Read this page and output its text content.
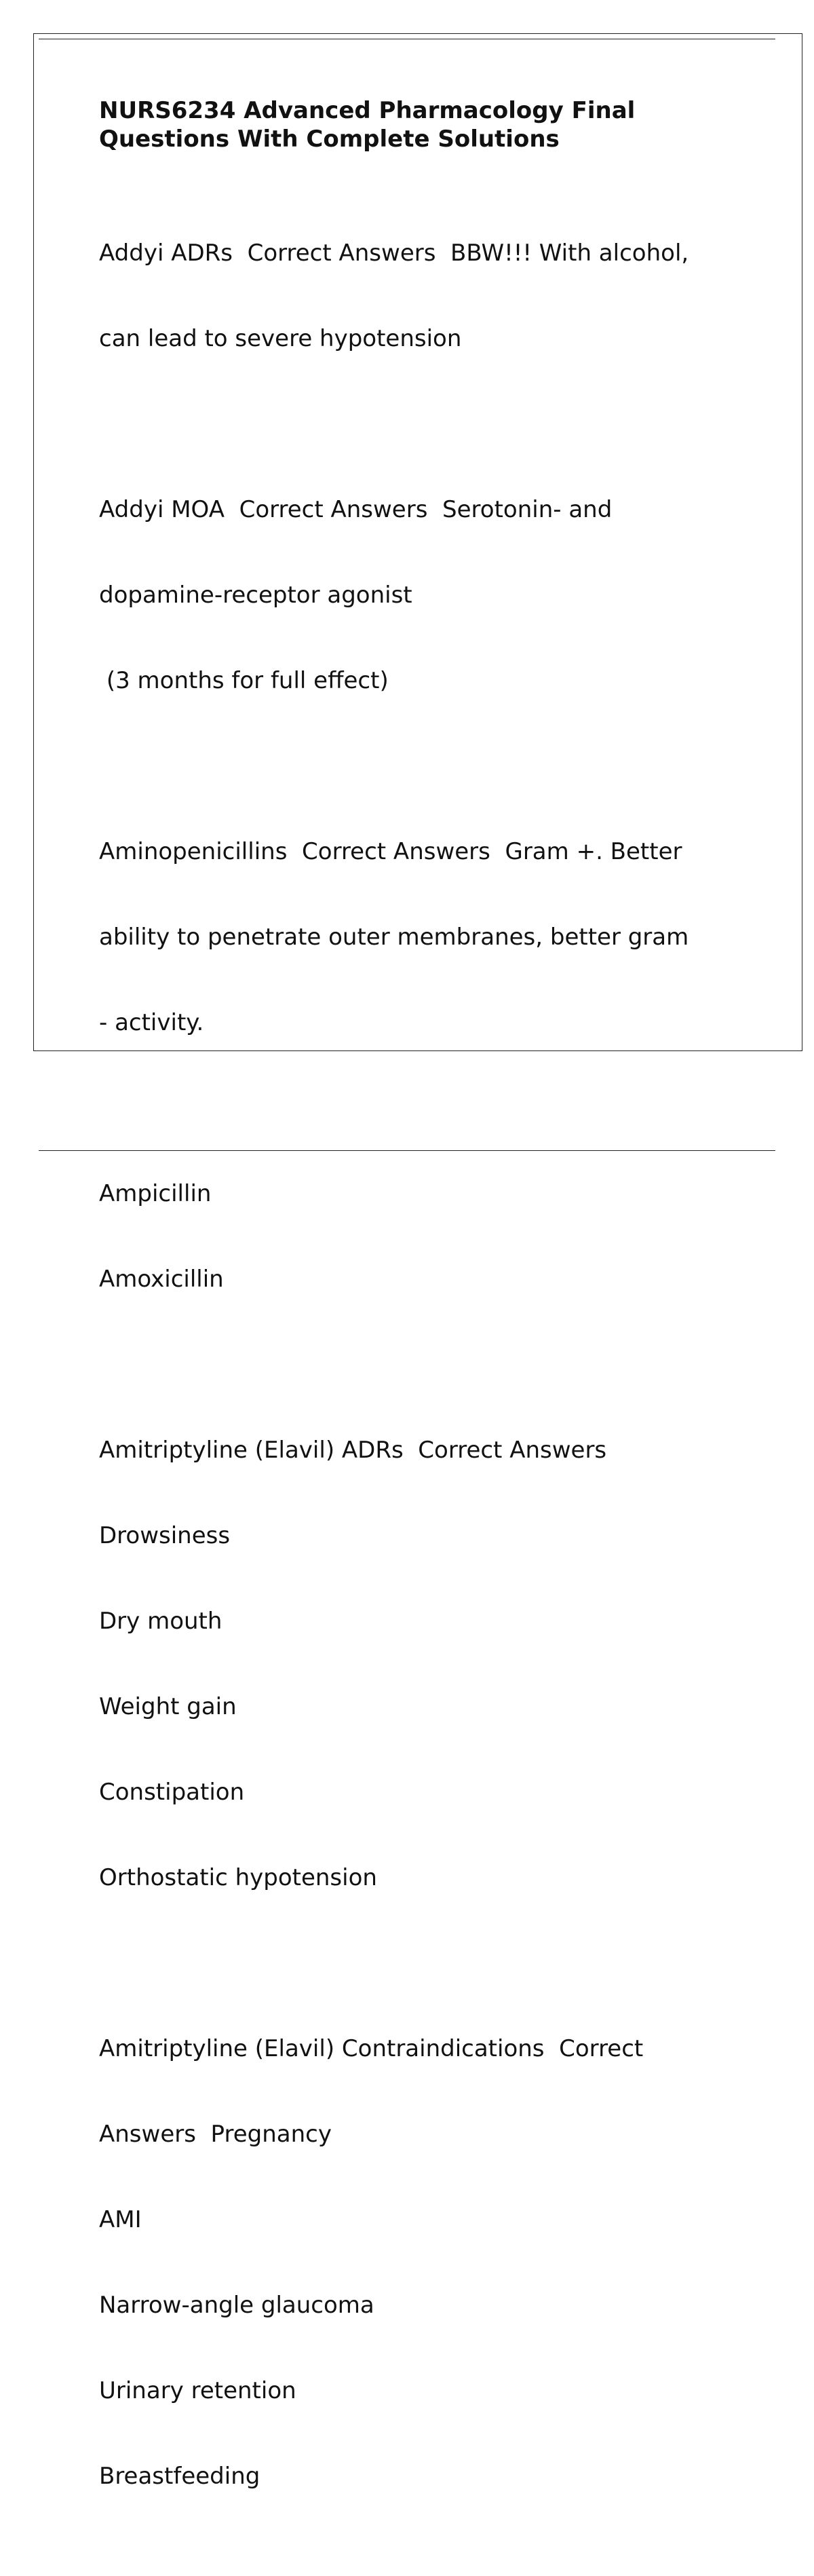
NURS6234 Advanced Pharmacology Final
Questions With Complete Solutions

Addyi ADRs  Correct Answers  BBW!!! With alcohol,

can lead to severe hypotension

Addyi MOA  Correct Answers  Serotonin- and

dopamine-receptor agonist

(3 months for full effect)

Aminopenicillins  Correct Answers  Gram +. Better

ability to penetrate outer membranes, better gram

- activity.

Ampicillin

Amoxicillin

Amitriptyline (Elavil) ADRs  Correct Answers

Drowsiness

Dry mouth

Weight gain

Constipation

Orthostatic hypotension

Amitriptyline (Elavil) Contraindications  Correct

Answers  Pregnancy

AMI

Narrow-angle glaucoma

Urinary retention

Breastfeeding
